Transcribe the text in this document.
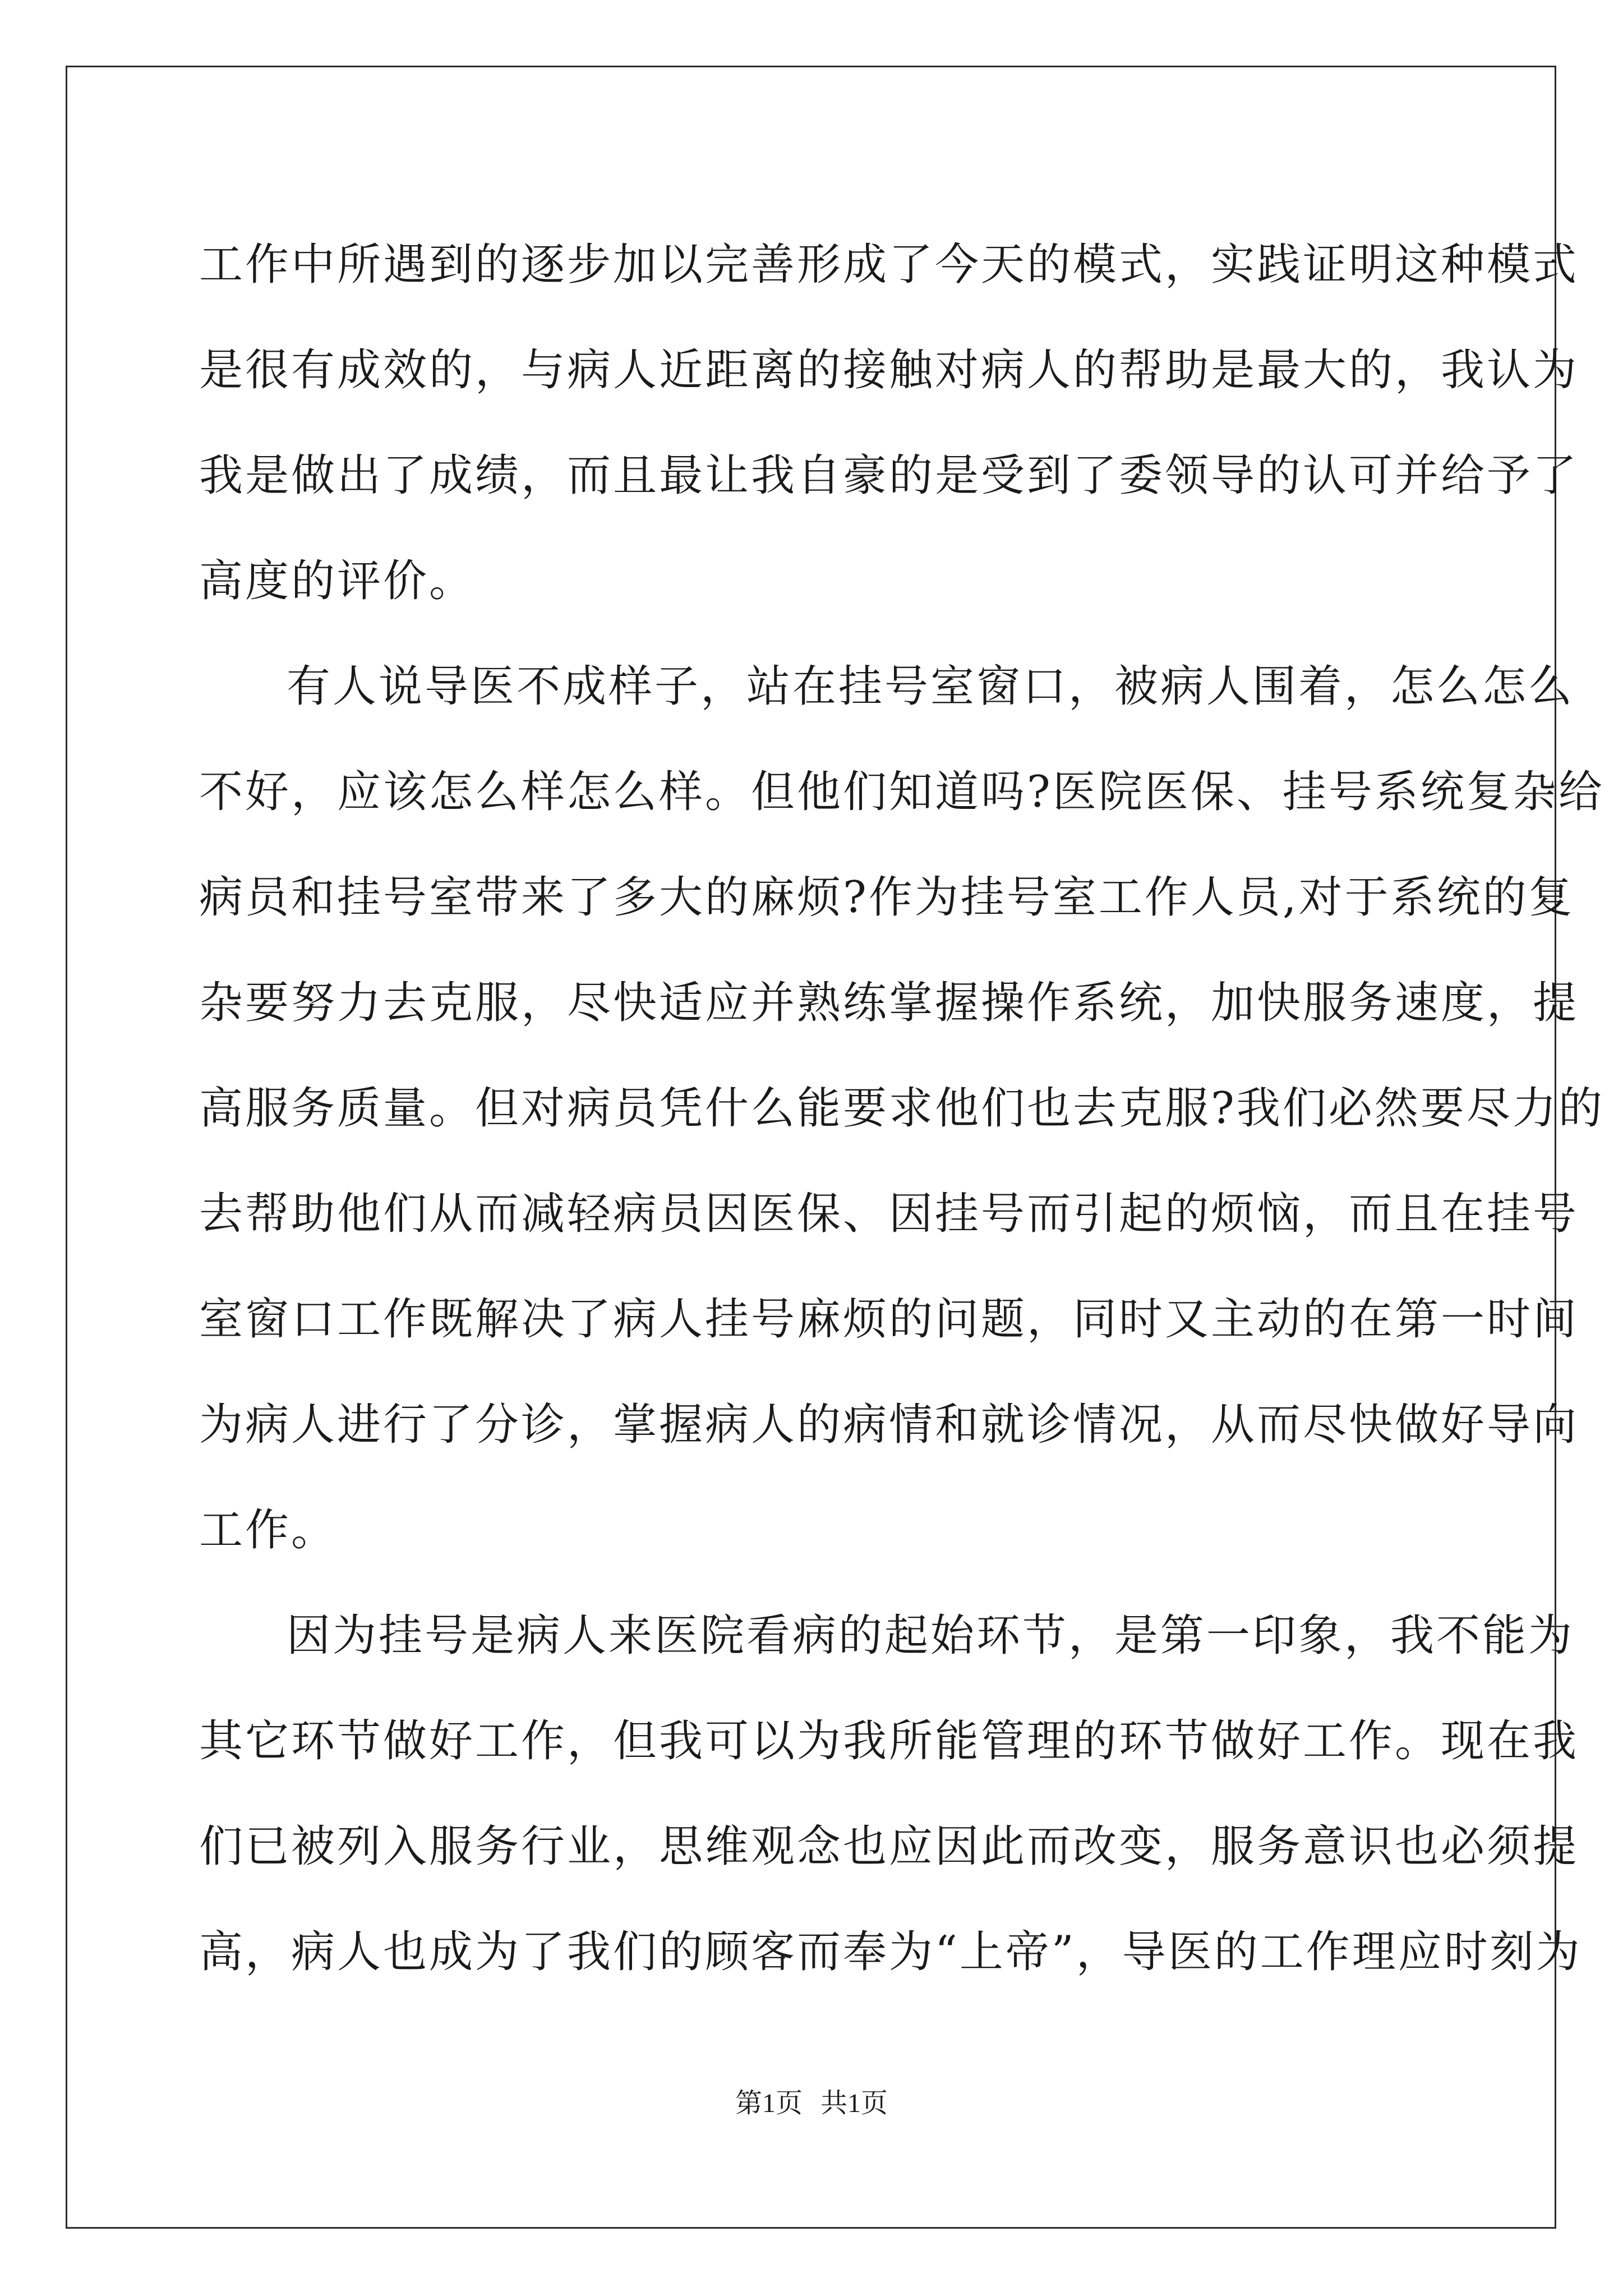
工作中所遇到的逐步加以完善形成了今天的模式，实践证明这种模式
是很有成效的，与病人近距离的接触对病人的帮助是最大的，我认为
我是做出了成绩，而且最让我自豪的是受到了委领导的认可并给予了
高度的评价。
有人说导医不成样子，站在挂号室窗口，被病人围着，怎么怎么
不好，应该怎么样怎么样。但他们知道吗?医院医保、挂号系统复杂给
病员和挂号室带来了多大的麻烦?作为挂号室工作人员,对于系统的复
杂要努力去克服，尽快适应并熟练掌握操作系统，加快服务速度，提
高服务质量。但对病员凭什么能要求他们也去克服?我们必然要尽力的
去帮助他们从而减轻病员因医保、因挂号而引起的烦恼，而且在挂号
室窗口工作既解决了病人挂号麻烦的问题，同时又主动的在第一时间
为病人进行了分诊，掌握病人的病情和就诊情况，从而尽快做好导向
工作。
因为挂号是病人来医院看病的起始环节，是第一印象，我不能为
其它环节做好工作，但我可以为我所能管理的环节做好工作。现在我
们已被列入服务行业，思维观念也应因此而改变，服务意识也必须提
高，病人也成为了我们的顾客而奉为“上帝”，导医的工作理应时刻为
第1页 共1页
